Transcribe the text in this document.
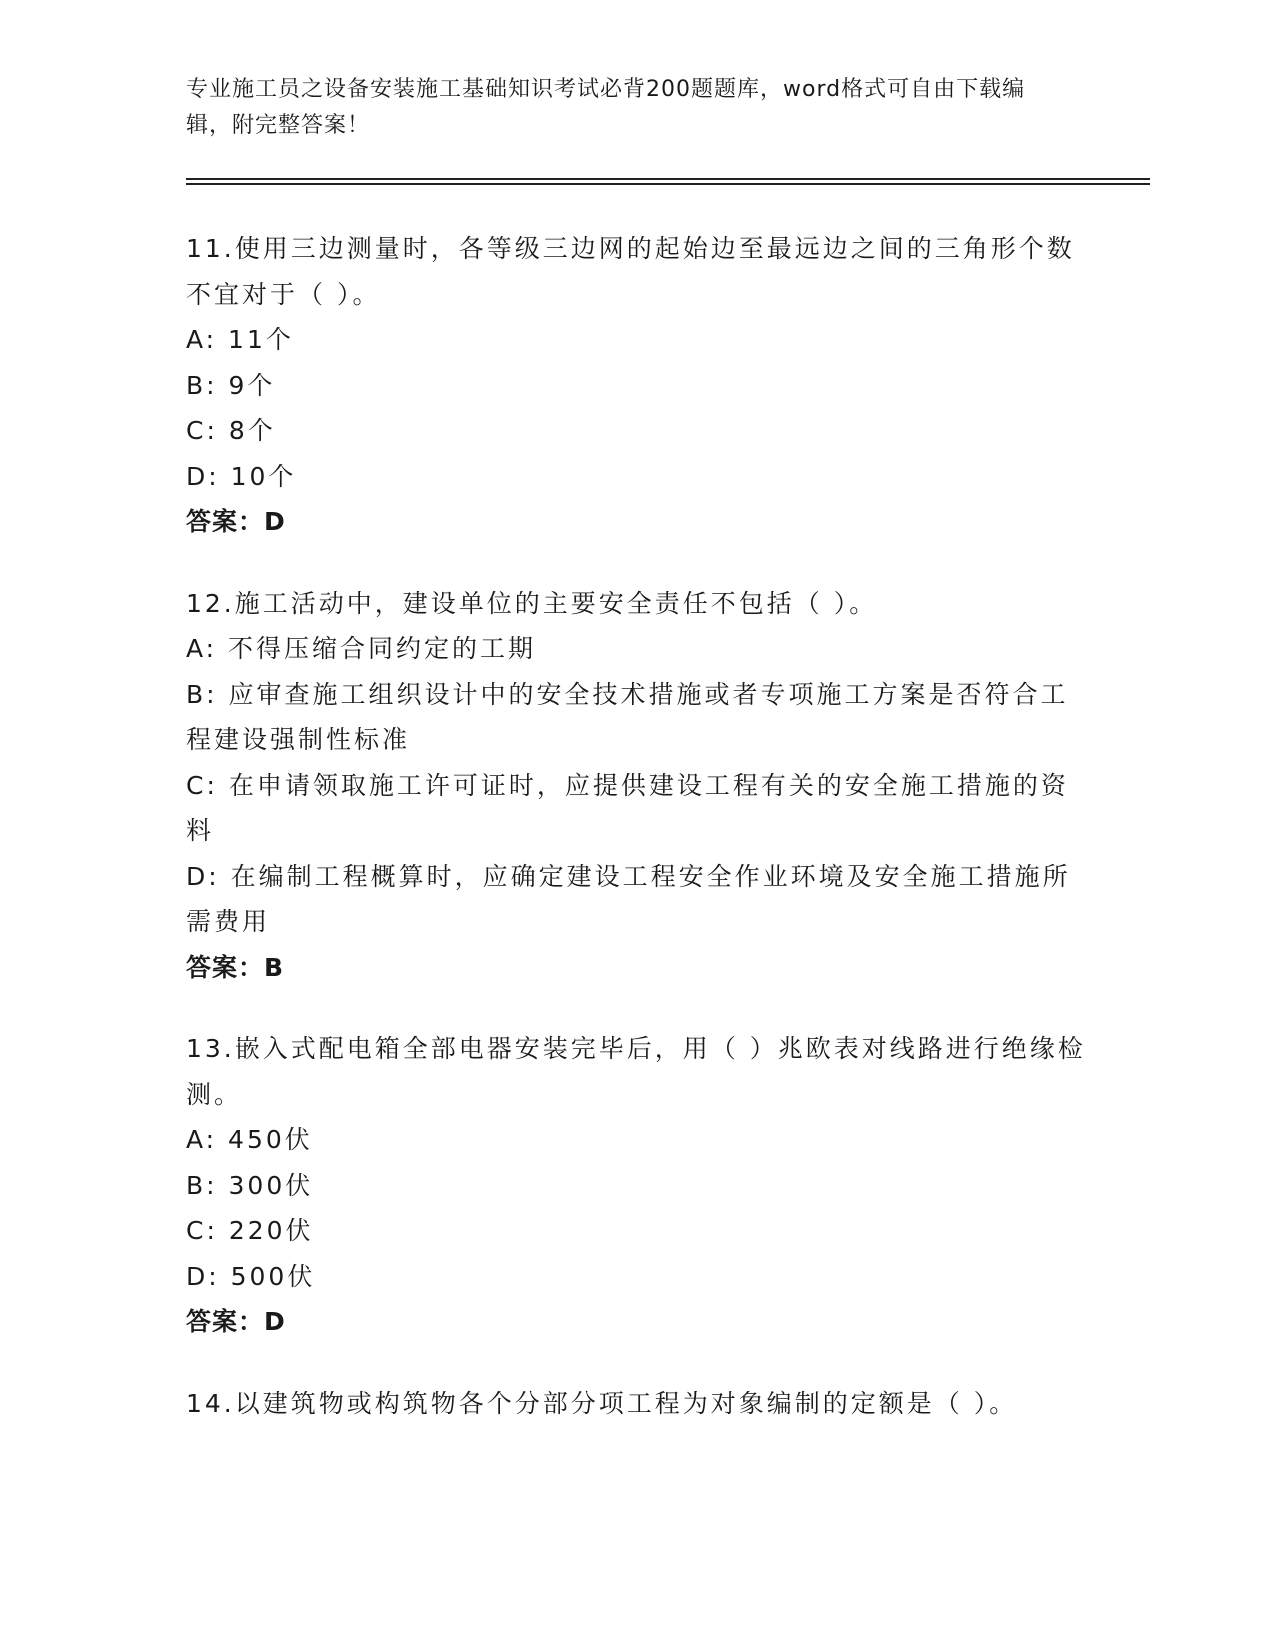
专业施工员之设备安装施工基础知识考试必背200题题库，word格式可自由下载编辑，附完整答案！
11.使用三边测量时，各等级三边网的起始边至最远边之间的三角形个数不宜对于（ ）。
A: 11个
B: 9个
C: 8个
D: 10个
答案：D
12.施工活动中，建设单位的主要安全责任不包括（ ）。
A: 不得压缩合同约定的工期
B: 应审查施工组织设计中的安全技术措施或者专项施工方案是否符合工程建设强制性标准
C: 在申请领取施工许可证时，应提供建设工程有关的安全施工措施的资料
D: 在编制工程概算时，应确定建设工程安全作业环境及安全施工措施所需费用
答案：B
13.嵌入式配电箱全部电器安装完毕后，用（ ）兆欧表对线路进行绝缘检测。
A: 450伏
B: 300伏
C: 220伏
D: 500伏
答案：D
14.以建筑物或构筑物各个分部分项工程为对象编制的定额是（ ）。
